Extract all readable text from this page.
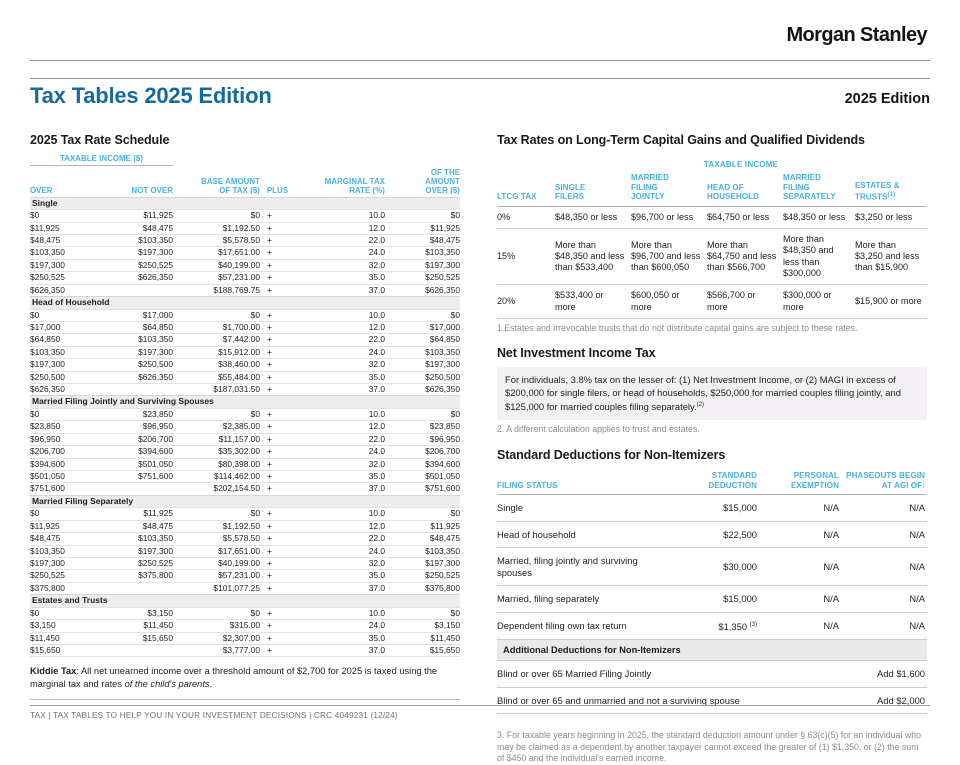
Morgan Stanley
Tax Tables 2025 Edition	2025 Edition
2025 Tax Rate Schedule
TAXABLE INCOME ($)					
OVER	NOT OVER	BASE AMOUNT OF TAX ($)	PLUS	MARGINAL TAX RATE (%)	OF THE AMOUNT OVER ($)
Single					
$0	$11,925	$0	+	10.0	$0
$11,925	$48,475	$1,192.50	+	12.0	$11,925
$48,475	$103,350	$5,578.50	+	22.0	$48,475
$103,350	$197,300	$17,651.00	+	24.0	$103,350
$197,300	$250,525	$40,199.00	+	32.0	$197,300
$250,525	$626,350	$57,231.00	+	35.0	$250,525
$626,350		$188,769.75	+	37.0	$626,350
Head of Household					
$0	$17,000	$0	+	10.0	$0
$17,000	$64,850	$1,700.00	+	12.0	$17,000
$64,850	$103,350	$7,442.00	+	22.0	$64,850
$103,350	$197,300	$15,912.00	+	24.0	$103,350
$197,300	$250,500	$38,460.00	+	32.0	$197,300
$250,500	$626,350	$55,484.00	+	35.0	$250,500
$626,350		$187,031.50	+	37.0	$626,350
Married Filing Jointly and Surviving Spouses					
$0	$23,850	$0	+	10.0	$0
$23,850	$96,950	$2,385.00	+	12.0	$23,850
$96,950	$206,700	$11,157.00	+	22.0	$96,950
$206,700	$394,600	$35,302.00	+	24.0	$206,700
$394,600	$501,050	$80,398.00	+	32.0	$394,600
$501,050	$751,600	$114,462.00	+	35.0	$501,050
$751,600		$202,154.50	+	37.0	$751,600
Married Filing Separately					
$0	$11,925	$0	+	10.0	$0
$11,925	$48,475	$1,192.50	+	12.0	$11,925
$48,475	$103,350	$5,578.50	+	22.0	$48,475
$103,350	$197,300	$17,651.00	+	24.0	$103,350
$197,300	$250,525	$40,199.00	+	32.0	$197,300
$250,525	$375,800	$57,231.00	+	35.0	$250,525
$375,800		$101,077.25	+	37.0	$375,800
Estates and Trusts					
$0	$3,150	$0	+	10.0	$0
$3,150	$11,450	$315.00	+	24.0	$3,150
$11,450	$15,650	$2,307.00	+	35.0	$11,450
$15,650		$3,777.00	+	37.0	$15,650
Kiddie Tax: All net unearned income over a threshold amount of $2,700 for 2025 is taxed using the marginal tax and rates of the child's parents.
Tax Rates on Long-Term Capital Gains and Qualified Dividends
	TAXABLE INCOME				
LTCG TAX	SINGLE FILERS	MARRIED FILING JOINTLY	HEAD OF HOUSEHOLD	MARRIED FILING SEPARATELY	ESTATES & TRUSTS$^{(1)}$
0%	$48,350 or less	$96,700 or less	$64,750 or less	$48,350 or less	$3,250 or less
15%	More than $48,350 and less than $533,400	More than $96,700 and less than $600,050	More than $64,750 and less than $566,700	More than $48,350 and less than $300,000	More than $3,250 and less than $15,900
20%	$533,400 or more	$600,050 or more	$566,700 or more	$300,000 or more	$15,900 or more
1.Estates and irrevocable trusts that do not distribute capital gains are subject to these rates.
Net Investment Income Tax
For individuals, 3.8% tax on the lesser of: (1) Net Investment Income, or (2) MAGI in excess of $200,000 for single filers, or head of households, $250,000 for married couples filing jointly, and $125,000 for married couples filing separately.$^{(2)}$
2. A different calculation applies to trust and estates.
Standard Deductions for Non-Itemizers
FILING STATUS	STANDARD DEDUCTION	PERSONAL EXEMPTION	PHASEOUTS BEGIN AT AGI OF:
Single	$15,000	N/A	N/A
Head of household	$22,500	N/A	N/A
Married, filing jointly and surviving spouses	$30,000	N/A	N/A
Married, filing separately	$15,000	N/A	N/A
Dependent filing own tax return	$1,350 $^{(3)}$	N/A	N/A
Additional Deductions for Non-Itemizers			
Blind or over 65 Married Filing Jointly			Add $1,600
Blind or over 65 and unmarried and not a surviving spouse			Add $2,000
3. For taxable years beginning in 2025, the standard deduction amount under § 63(c)(5) for an individual who may be claimed as a dependent by another taxpayer cannot exceed the greater of (1) $1,350, or (2) the sum of $450 and the individual's earned income.
TAX | TAX TABLES TO HELP YOU IN YOUR INVESTMENT DECISIONS | CRC 4049231 (12/24)
